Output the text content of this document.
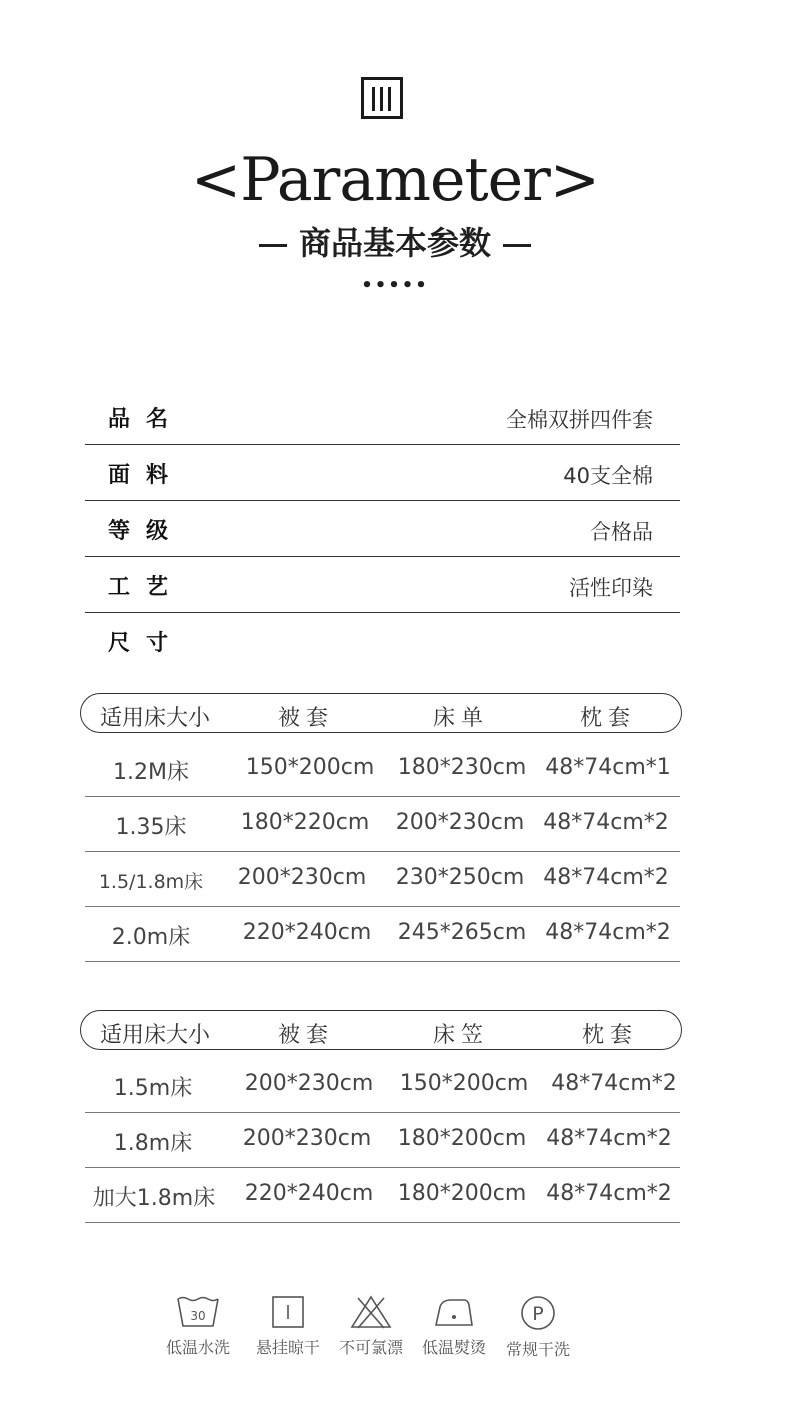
<Parameter>
商品基本参数
•••••
品名	全棉双拼四件套
面料	40支全棉
等级	合格品
工艺	活性印染
尺寸
适用床大小	被套	床单	枕套
1.2M床	150*200cm	180*230cm 48*74cm*1
1.35床	180*220cm	200*230cm 48*74cm*2
1.5/1.8m床	200*230cm	230*250cm 48*74cm*2
2.0m床	220*240cm	245*265cm 48*74cm*2
适用床大小	被套	床笠	枕套
1.5m床	200*230cm	150*200cm	48*74cm*2
1.8m床	200*230cm	180*200cm 48*74cm*2
加大1.8m床	220*240cm	180*200cm 48*74cm*2
30
低温水洗	悬挂晾干	不可氯漂	低温熨烫
P
常规干洗
